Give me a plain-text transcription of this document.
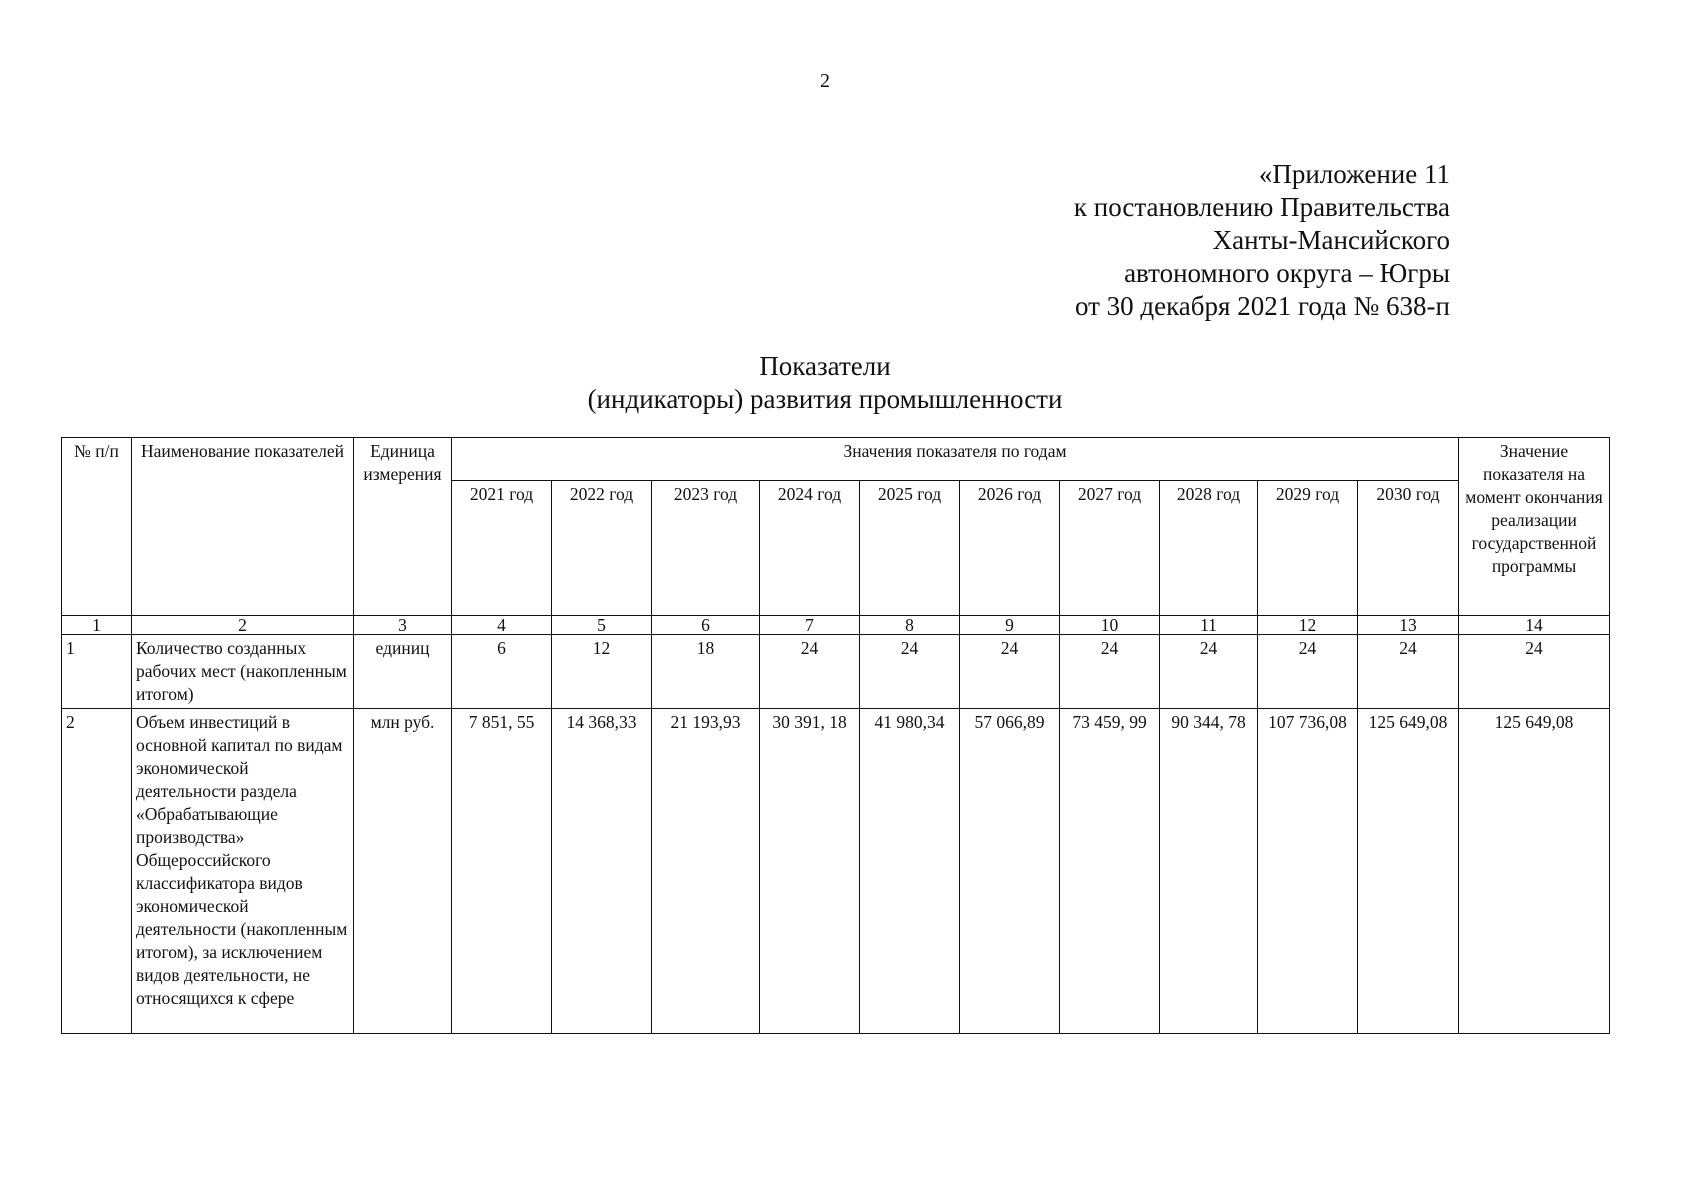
2
«Приложение 11
к постановлению Правительства
Ханты-Мансийского
автономного округа – Югры
от 30 декабря 2021 года № 638-п
Показатели
(индикаторы) развития промышленности
№ п/п	Наименование показателей	Единица измерения	Значения показателя по годам										Значение показателя на момент окончания реализации государственной программы
			2021 год	2022 год	2023 год	2024 год	2025 год	2026 год	2027 год	2028 год	2029 год	2030 год	
1	2	3	4	5	6	7	8	9	10	11	12	13	14
1	Количество созданных рабочих мест (накопленным итогом)	единиц	6	12	18	24	24	24	24	24	24	24	24
2	Объем инвестиций в основной капитал по видам экономической деятельности раздела «Обрабатывающие производства» Общероссийского классификатора видов экономической деятельности (накопленным итогом), за исключением видов деятельности, не относящихся к сфере	млн руб.	7 851, 55	14 368,33	21 193,93	30 391, 18	41 980,34	57 066,89	73 459, 99	90 344, 78	107 736,08	125 649,08	125 649,08
